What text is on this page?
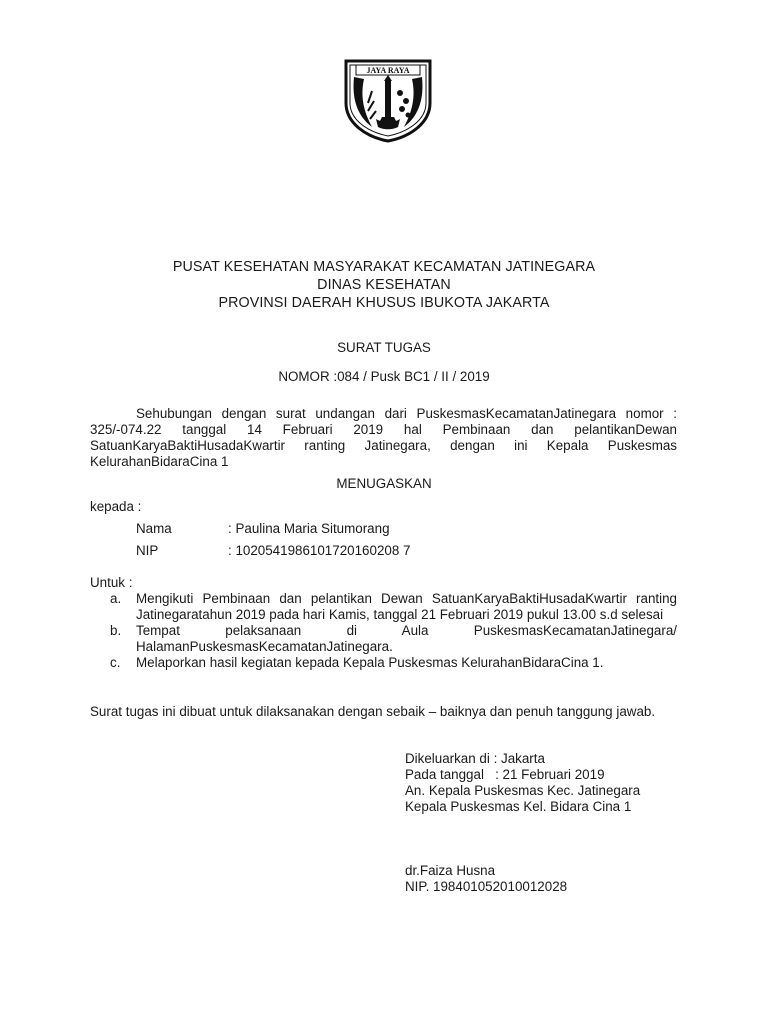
JAYA RAYA
PUSAT KESEHATAN MASYARAKAT KECAMATAN JATINEGARA
DINAS KESEHATAN
PROVINSI DAERAH KHUSUS IBUKOTA JAKARTA
SURAT TUGAS
NOMOR :084 / Pusk BC1 / II / 2019
Sehubungan dengan surat undangan dari PuskesmasKecamatanJatinegara nomor : 325/-074.22 tanggal 14 Februari 2019 hal Pembinaan dan pelantikanDewan SatuanKaryaBaktiHusadaKwartir ranting Jatinegara, dengan ini Kepala Puskesmas KelurahanBidaraCina 1
MENUGASKAN
kepada :
Nama	: Paulina Maria Situmorang
NIP	: 1020541986101720160208 7
Untuk :
a.	Mengikuti Pembinaan dan pelantikan Dewan SatuanKaryaBaktiHusadaKwartir ranting Jatinegaratahun 2019 pada hari Kamis, tanggal 21 Februari 2019 pukul 13.00 s.d selesai
b.	Tempat pelaksanaan di Aula PuskesmasKecamatanJatinegara/ HalamanPuskesmasKecamatanJatinegara.
c.	Melaporkan hasil kegiatan kepada Kepala Puskesmas KelurahanBidaraCina 1.
Surat tugas ini dibuat untuk dilaksanakan dengan sebaik – baiknya dan penuh tanggung jawab.
Dikeluarkan di : Jakarta
Pada tanggal   : 21 Februari 2019
An. Kepala Puskesmas Kec. Jatinegara
Kepala Puskesmas Kel. Bidara Cina 1
dr.Faiza Husna
NIP. 198401052010012028
